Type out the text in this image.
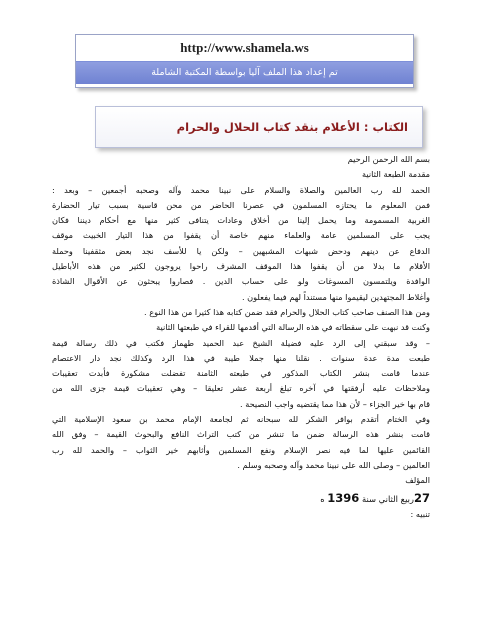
http://www.shamela.ws
تم إعداد هذا الملف آليا بواسطة المكتبة الشاملة
الكتاب : الأعلام بنقد كتاب الحلال والحرام
بسم الله الرحمن الرحيم
مقدمة الطبعة الثانية
الحمد لله رب العالمين والصلاة والسلام على نبينا محمد وآله وصحبه أجمعين – وبعد :
فمن المعلوم ما يحتازه المسلمون في عصرنا الحاضر من محن قاسية بسبب تيار الحضارة
الغربية المسمومة وما يحمل إلينا من أخلاق وعادات يتنافى كثير منها مع أحكام ديننا فكان
يجب على المسلمين عامة والعلماء منهم خاصة أن يقفوا من هذا التيار الخبيث موقف
الدفاع عن دينهم ودحض شبهات المشبهين – ولكن يا للأسف نجد بعض مثقفينا وحملة
الأقلام ما بدلا من أن يقفوا هذا الموقف المشرف راحوا يروجون لكثير من هذه الأباطيل
الوافدة ويلتمسون المسوغات ولو على حساب الدين . فصاروا يبحثون عن الأقوال الشاذة
وأغلاط المجتهدين ليقيموا منها مستنداً لهم فيما يفعلون .
ومن هذا الصنف صاحب كتاب الحلال والحرام فقد ضمن كتابه هذا كثيرا من هذا النوع .
وكنت قد نبهت على سقطاته في هذه الرسالة التي أقدمها للقراء في طبعتها الثانية
– وقد سبقني إلى الرد عليه فضيلة الشيخ عبد الحميد طهماز فكتب في ذلك رسالة قيمة
طبعت مدة عدة سنوات . نقلنا منها جملا طيبة في هذا الرد وكذلك نجد دار الاعتصام
عندما قامت بنشر الكتاب المذكور في طبعته الثامنة تفضلت مشكورة فأبدت تعقيبات
وملاحظات عليه أرفقتها في آخره تبلغ أربعة عشر تعليقا – وهي تعقيبات قيمة جزى الله من
قام بها خير الجزاء – لأن هذا مما يقتضيه واجب النصيحة .
وفي الختام أتقدم بوافر الشكر لله سبحانه ثم لجامعة الإمام محمد بن سعود الإسلامية التي
قامت بنشر هذه الرسالة ضمن ما تنشر من كتب التراث النافع والبحوث القيمة – وفق الله
القائمين عليها لما فيه نصر الإسلام ونفع المسلمين وأثابهم خير الثواب – والحمد لله رب
العالمين – وصلى الله على نبينا محمد وآله وصحبه وسلم .
المؤلف
27ربيع الثاني سنة 1396 ه
تنبيه :
